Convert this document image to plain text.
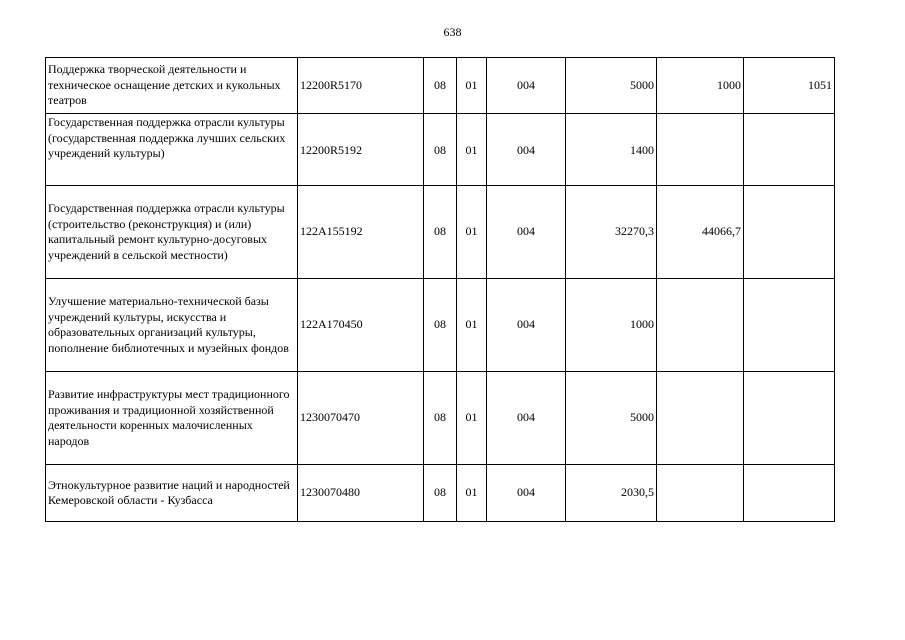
638
Поддержка творческой деятельности и техническое оснащение детских и кукольных театров	12200R5170	08	01	004	5000	1000	1051
Государственная поддержка отрасли культуры (государственная поддержка лучших сельских учреждений культуры)	12200R5192	08	01	004	1400		
Государственная поддержка отрасли культуры (строительство (реконструкция) и (или) капитальный ремонт культурно-досуговых учреждений в сельской местности)	122A155192	08	01	004	32270,3	44066,7	
Улучшение материально-технической базы учреждений культуры, искусства и образовательных организаций культуры, пополнение библиотечных и музейных фондов	122A170450	08	01	004	1000		
Развитие инфраструктуры мест традиционного проживания и традиционной хозяйственной деятельности коренных малочисленных народов	1230070470	08	01	004	5000		
Этнокультурное развитие наций и народностей Кемеровской области - Кузбасса	1230070480	08	01	004	2030,5		
